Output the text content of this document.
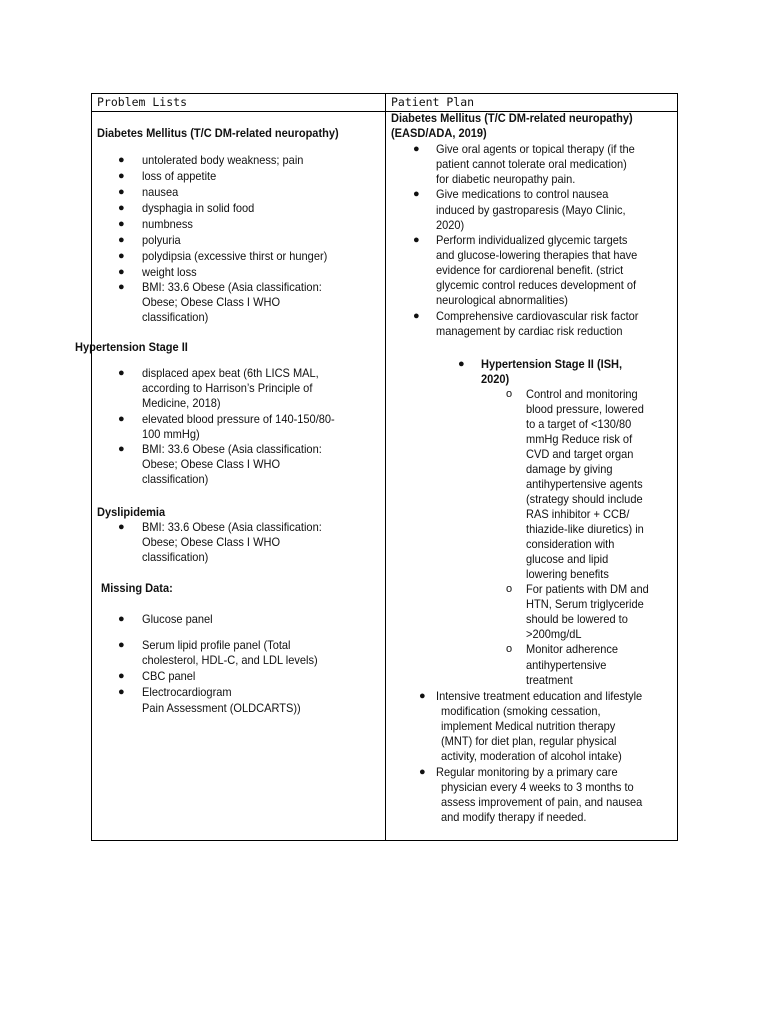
Problem Lists	Patient Plan
Diabetes Mellitus (T/C DM-related neuropathy)
● untolerated body weakness; pain
● loss of appetite
● nausea
● dysphagia in solid food
● numbness
● polyuria
● polydipsia (excessive thirst or hunger)
● weight loss
● BMI: 33.6 Obese (Asia classification:
Obese; Obese Class I WHO
classification)
Hypertension Stage II
● displaced apex beat (6th LICS MAL,
according to Harrison’s Principle of
Medicine, 2018)
● elevated blood pressure of 140-150/80-
100 mmHg)
● BMI: 33.6 Obese (Asia classification:
Obese; Obese Class I WHO
classification)
Dyslipidemia
● BMI: 33.6 Obese (Asia classification:
Obese; Obese Class I WHO
classification)
Missing Data:
● Glucose panel
● Serum lipid profile panel (Total
cholesterol, HDL-C, and LDL levels)
● CBC panel
● Electrocardiogram
Pain Assessment (OLDCARTS))
Diabetes Mellitus (T/C DM-related neuropathy)
(EASD/ADA, 2019)
● Give oral agents or topical therapy (if the
patient cannot tolerate oral medication)
for diabetic neuropathy pain.
● Give medications to control nausea
induced by gastroparesis (Mayo Clinic,
2020)
● Perform individualized glycemic targets
and glucose-lowering therapies that have
evidence for cardiorenal benefit. (strict
glycemic control reduces development of
neurological abnormalities)
● Comprehensive cardiovascular risk factor
management by cardiac risk reduction
● Hypertension Stage II (ISH,
2020)
o Control and monitoring
blood pressure, lowered
to a target of <130/80
mmHg Reduce risk of
CVD and target organ
damage by giving
antihypertensive agents
(strategy should include
RAS inhibitor + CCB/
thiazide-like diuretics) in
consideration with
glucose and lipid
lowering benefits
o For patients with DM and
HTN, Serum triglyceride
should be lowered to
>200mg/dL
o Monitor adherence
antihypertensive
treatment
● Intensive treatment education and lifestyle
modification (smoking cessation,
implement Medical nutrition therapy
(MNT) for diet plan, regular physical
activity, moderation of alcohol intake)
● Regular monitoring by a primary care
physician every 4 weeks to 3 months to
assess improvement of pain, and nausea
and modify therapy if needed.
